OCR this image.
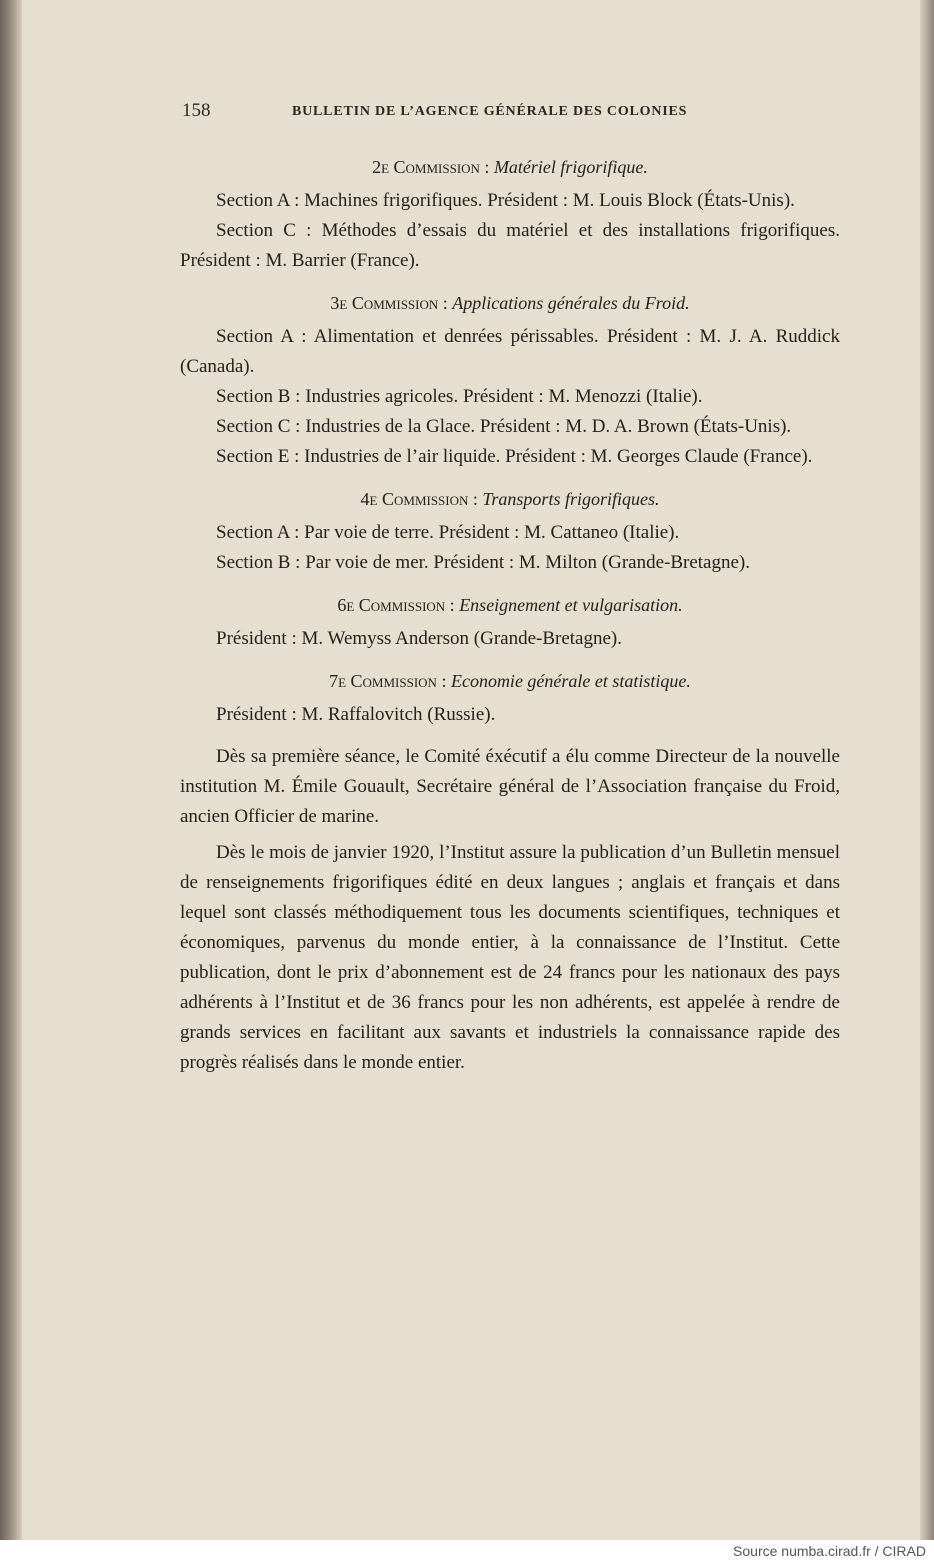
158	BULLETIN DE L’AGENCE GÉNÉRALE DES COLONIES
2e Commission : Matériel frigorifique.

Section A : Machines frigorifiques. Président : M. Louis Block (États-Unis).

Section C : Méthodes d’essais du matériel et des installations frigorifiques. Président : M. Barrier (France).

3e Commission : Applications générales du Froid.

Section A : Alimentation et denrées périssables. Président : M. J. A. Ruddick (Canada).

Section B : Industries agricoles. Président : M. Menozzi (Italie).

Section C : Industries de la Glace. Président : M. D. A. Brown (États-Unis).

Section E : Industries de l’air liquide. Président : M. Georges Claude (France).

4e Commission : Transports frigorifiques.

Section A : Par voie de terre. Président : M. Cattaneo (Italie).

Section B : Par voie de mer. Président : M. Milton (Grande-Bretagne).

6e Commission : Enseignement et vulgarisation.

Président : M. Wemyss Anderson (Grande-Bretagne).

7e Commission : Economie générale et statistique.

Président : M. Raffalovitch (Russie).

Dès sa première séance, le Comité éxécutif a élu comme Directeur de la nouvelle institution M. Émile Gouault, Secrétaire général de l’Association française du Froid, ancien Officier de marine.

Dès le mois de janvier 1920, l’Institut assure la publication d’un Bulletin mensuel de renseignements frigorifiques édité en deux langues ; anglais et français et dans lequel sont classés méthodiquement tous les documents scientifiques, techniques et économiques, parvenus du monde entier, à la connaissance de l’Institut. Cette publication, dont le prix d’abonnement est de 24 francs pour les nationaux des pays adhérents à l’Institut et de 36 francs pour les non adhérents, est appelée à rendre de grands services en facilitant aux savants et industriels la connaissance rapide des progrès réalisés dans le monde entier.

Source numba.cirad.fr / CIRAD
